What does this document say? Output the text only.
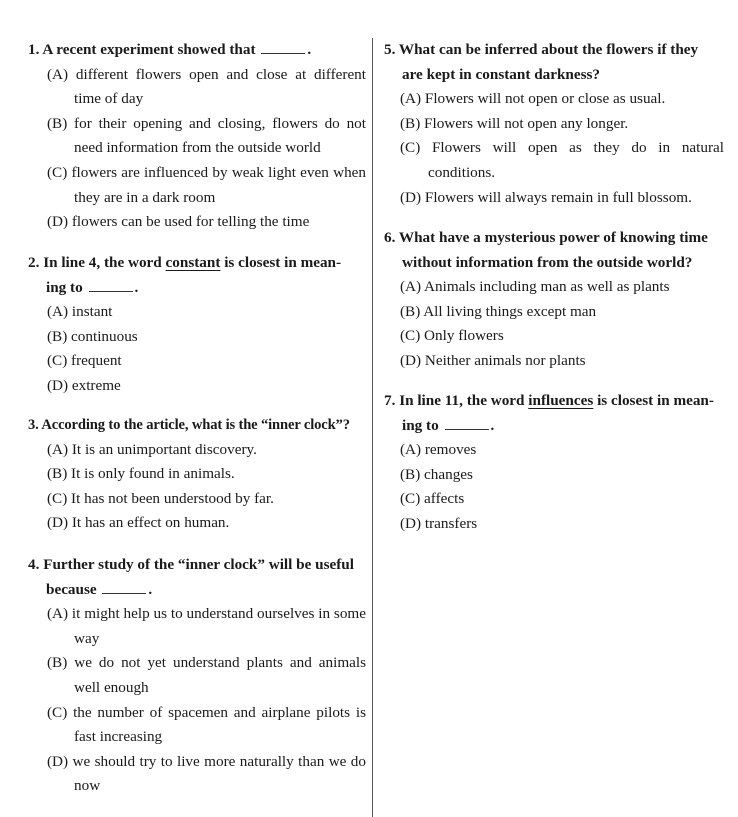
1. A recent experiment showed that	.
(A) different flowers open and close at different time of day
(B) for their opening and closing, flowers do not need information from the outside world
(C) flowers are influenced by weak light even when they are in a dark room
(D) flowers can be used for telling the time
2. In line 4, the word constant is closest in mean-
ing to	.
(A) instant
(B) continuous
(C) frequent
(D) extreme
3. According to the article, what is the “inner clock”?
(A) It is an unimportant discovery.
(B) It is only found in animals.
(C) It has not been understood by far.
(D) It has an effect on human.
4. Further study of the “inner clock” will be useful
because	.
(A) it might help us to understand ourselves in some way
(B) we do not yet understand plants and animals well enough
(C) the number of spacemen and airplane pilots is fast increasing
(D) we should try to live more naturally than we do now
5. What can be inferred about the flowers if they
are kept in constant darkness?
(A) Flowers will not open or close as usual.
(B) Flowers will not open any longer.
(C) Flowers will open as they do in natural conditions.
(D) Flowers will always remain in full blossom.
6. What have a mysterious power of knowing time
without information from the outside world?
(A) Animals including man as well as plants
(B) All living things except man
(C) Only flowers
(D) Neither animals nor plants
7. In line 11, the word influences is closest in mean-
ing to	.
(A) removes
(B) changes
(C) affects
(D) transfers
